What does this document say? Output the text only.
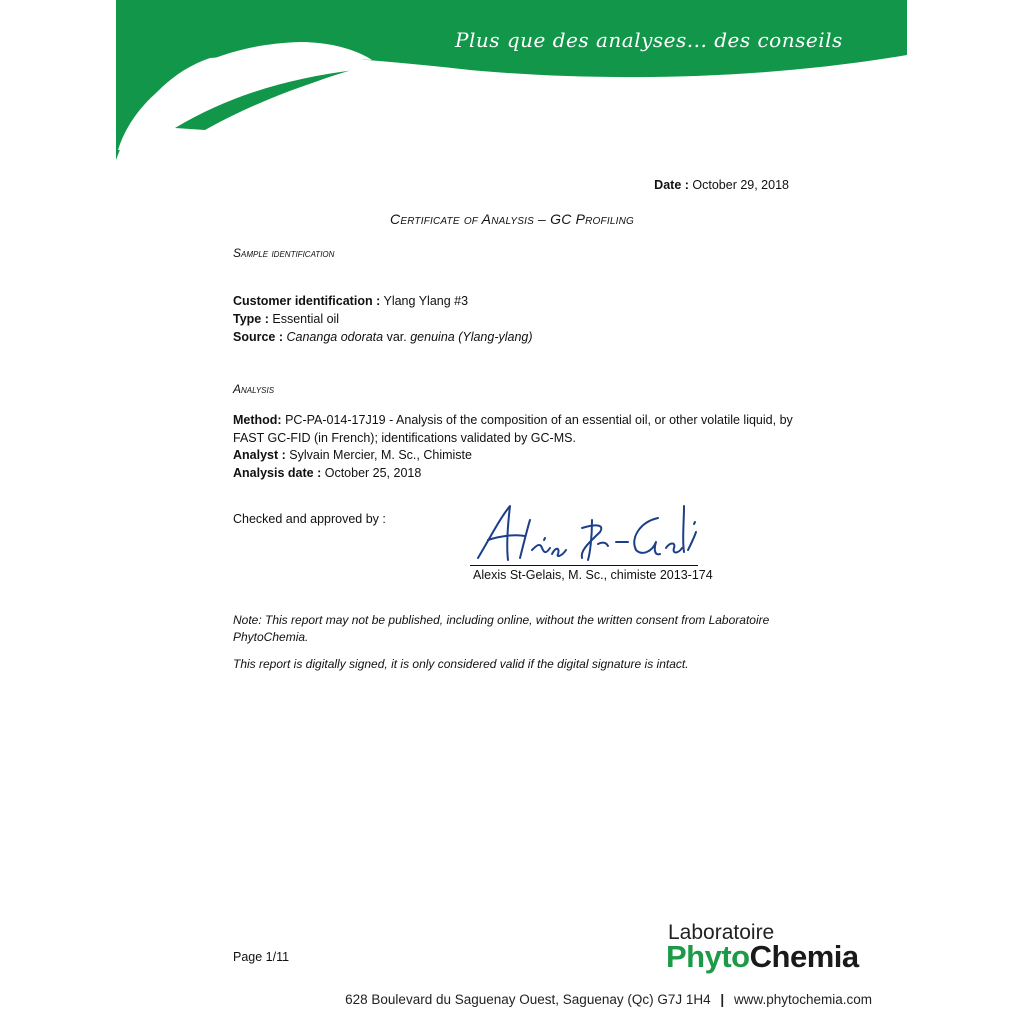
Plus que des analyses... des conseils
Date : October 29, 2018
Certificate of Analysis – GC Profiling
Sample identification
Customer identification : Ylang Ylang #3
Type : Essential oil
Source : Cananga odorata var. genuina (Ylang-ylang)
Analysis
Method: PC-PA-014-17J19 - Analysis of the composition of an essential oil, or other volatile liquid, by FAST GC-FID (in French); identifications validated by GC-MS.
Analyst : Sylvain Mercier, M. Sc., Chimiste
Analysis date : October 25, 2018
Checked and approved by :
Alexis St-Gelais, M. Sc., chimiste 2013-174
Note: This report may not be published, including online, without the written consent from Laboratoire PhytoChemia.
This report is digitally signed, it is only considered valid if the digital signature is intact.
Page 1/11
Laboratoire
PhytoChemia
628 Boulevard du Saguenay Ouest, Saguenay (Qc) G7J 1H4 | www.phytochemia.com
